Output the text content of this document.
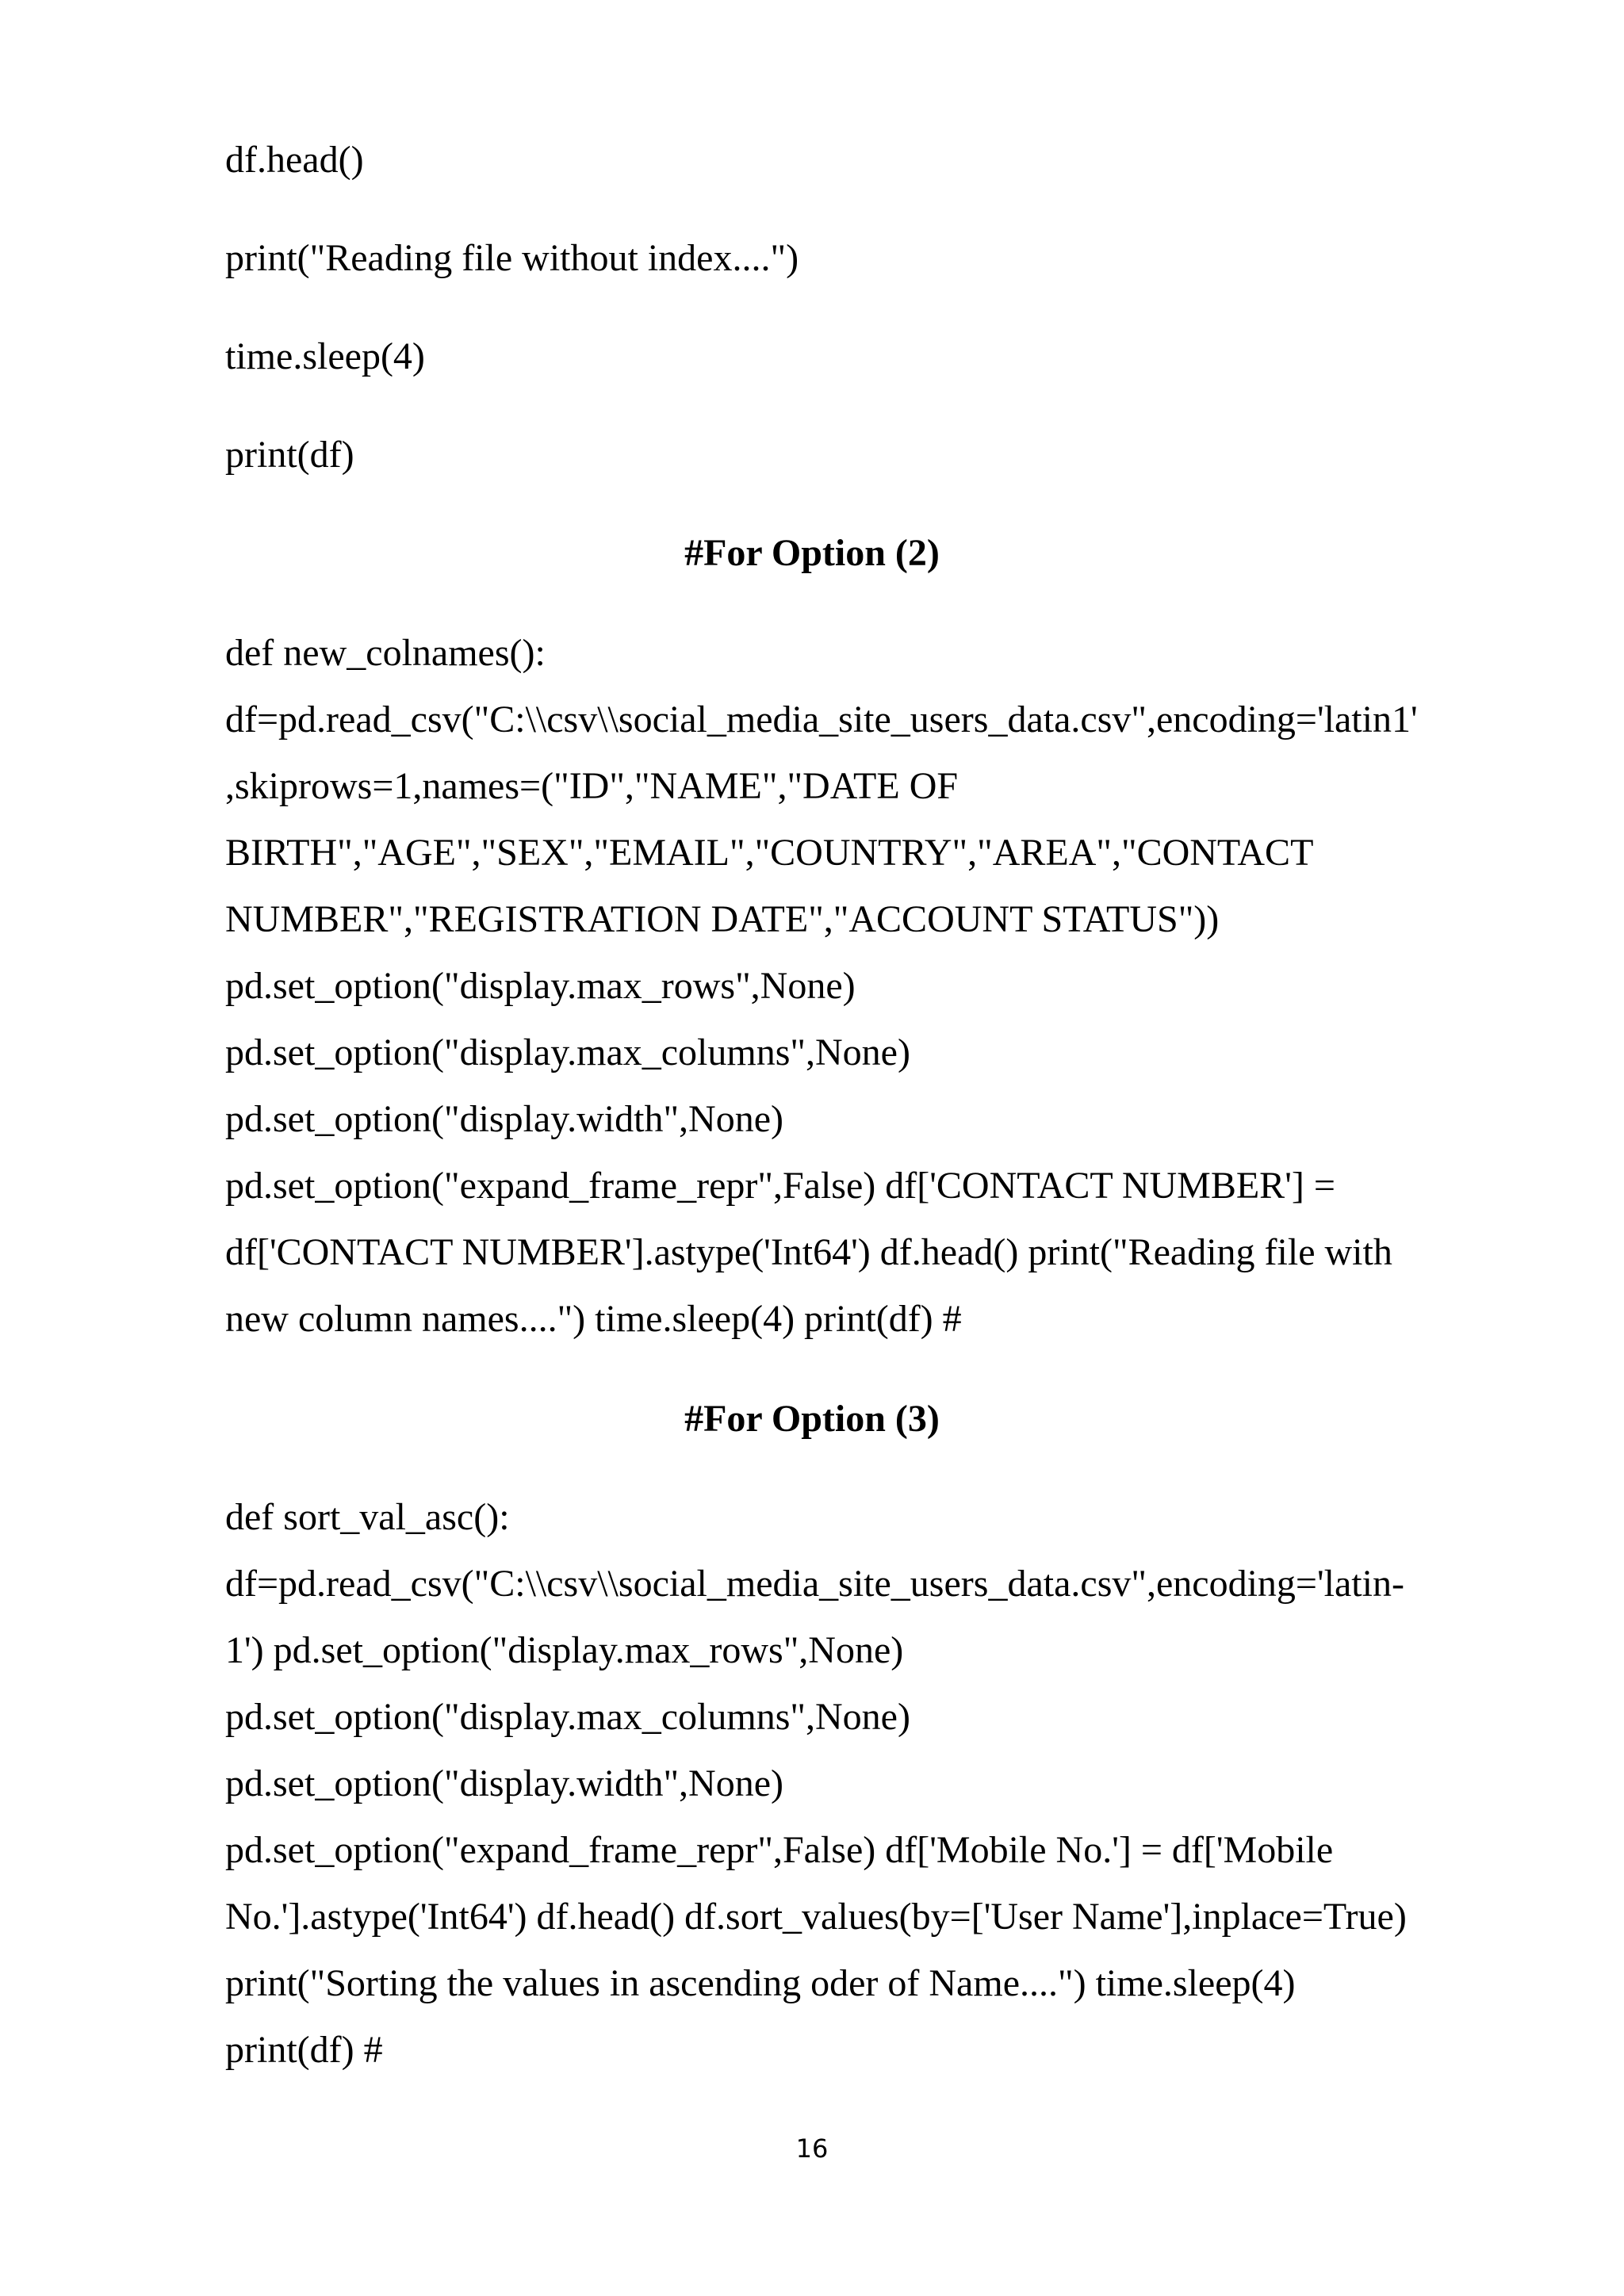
df.head()
print("Reading file without index....")
time.sleep(4)
print(df)
#For Option (2)
def new_colnames():
df=pd.read_csv("C:\\csv\\social_media_site_users_data.csv",encoding='latin1'
,skiprows=1,names=("ID","NAME","DATE OF
BIRTH","AGE","SEX","EMAIL","COUNTRY","AREA","CONTACT
NUMBER","REGISTRATION DATE","ACCOUNT STATUS"))
pd.set_option("display.max_rows",None)
pd.set_option("display.max_columns",None)
pd.set_option("display.width",None)
pd.set_option("expand_frame_repr",False) df['CONTACT NUMBER'] =
df['CONTACT NUMBER'].astype('Int64') df.head() print("Reading file with
new column names....") time.sleep(4) print(df) #
#For Option (3)
def sort_val_asc():
df=pd.read_csv("C:\\csv\\social_media_site_users_data.csv",encoding='latin-
1') pd.set_option("display.max_rows",None)
pd.set_option("display.max_columns",None)
pd.set_option("display.width",None)
pd.set_option("expand_frame_repr",False) df['Mobile No.'] = df['Mobile
No.'].astype('Int64') df.head() df.sort_values(by=['User Name'],inplace=True)
print("Sorting the values in ascending oder of Name....") time.sleep(4)
print(df) #
16
